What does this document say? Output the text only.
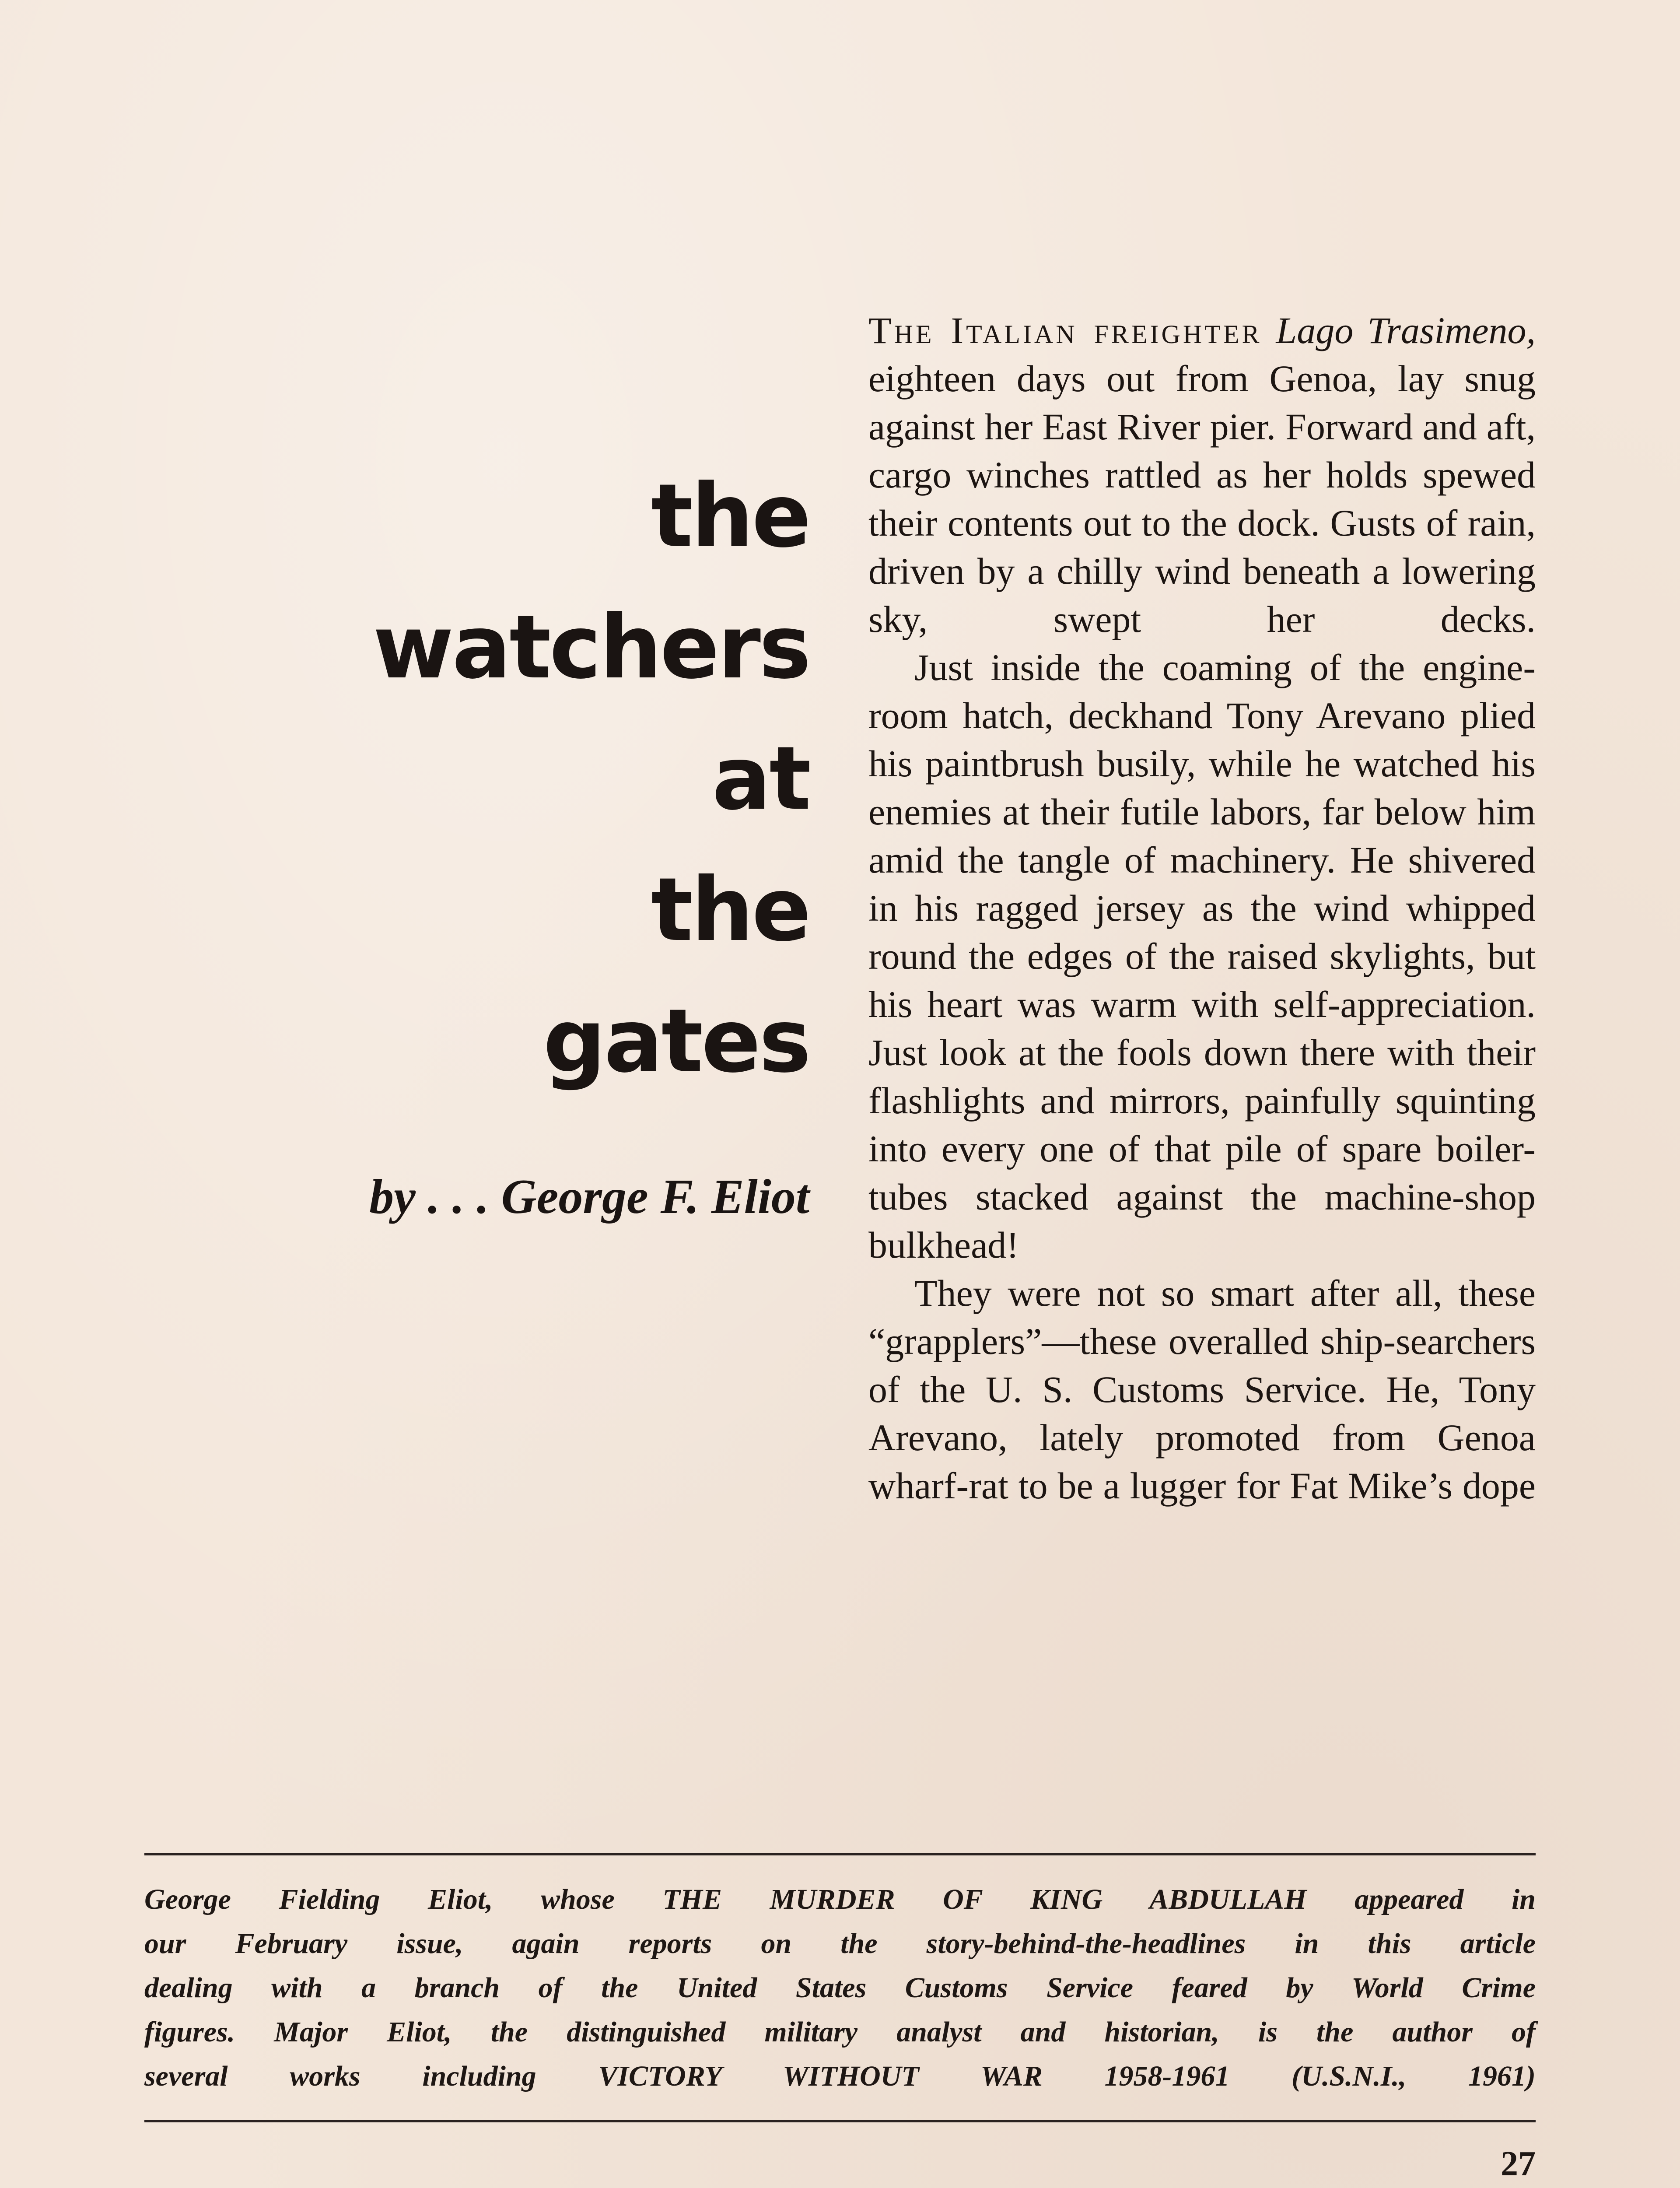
the
watchers
at
the
gates
by . . . George F. Eliot

The Italian freighter Lago Trasimeno, eighteen days out from Genoa, lay snug against her East River pier. Forward and aft, cargo winches rattled as her holds spewed their contents out to the dock. Gusts of rain, driven by a chilly wind beneath a lowering sky, swept her decks.

Just inside the coaming of the engine-room hatch, deckhand Tony Arevano plied his paintbrush busily, while he watched his enemies at their futile labors, far below him amid the tangle of machinery. He shivered in his ragged jersey as the wind whipped round the edges of the raised skylights, but his heart was warm with self-appreciation. Just look at the fools down there with their flashlights and mirrors, painfully squinting into every one of that pile of spare boiler-tubes stacked against the machine-shop bulkhead!

They were not so smart after all, these “grapplers”—these overalled ship-searchers of the U. S. Customs Service. He, Tony Arevano, lately promoted from Genoa wharf-rat to be a lugger for Fat Mike’s dope

George Fielding Eliot, whose THE MURDER OF KING ABDULLAH appeared in
our February issue, again reports on the story-behind-the-headlines in this article
dealing with a branch of the United States Customs Service feared by World Crime
figures. Major Eliot, the distinguished military analyst and historian, is the author of
several works including VICTORY WITHOUT WAR 1958-1961 (U.S.N.I., 1961)
27
